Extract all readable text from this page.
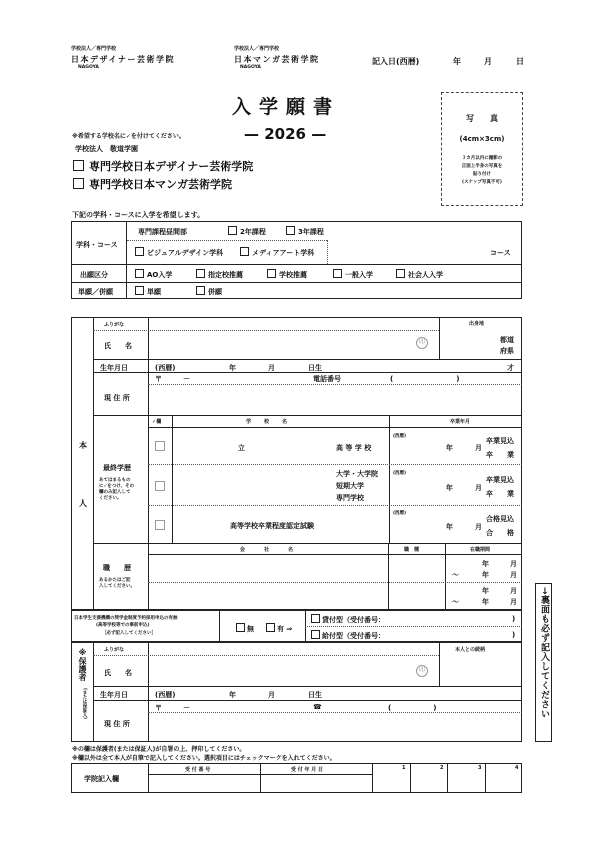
学校法人／専門学校
日本デザイナー芸術学院
NAGOYA
学校法人／専門学校
日本マンガ芸術学院
NAGOYA
記入日(西暦)	年	月	日
入学願書
— 2026 —
写　　真
(4cm×3cm)
３カ月以内に撮影の
正面上半身の写真を
貼り付け
(スナップ写真不可)
※希望する学校名に✓を付けてください。
学校法人　敬道学園
専門学校日本デザイナー芸術学院
専門学校日本マンガ芸術学院
下記の学科・コースに入学を希望します。
学科・コース
専門課程昼間部	2年課程	3年課程
ビジュアルデザイン学科	メディアアート学科	コース
出願区分	AO入学	指定校推薦	学校推薦	一般入学	社会人入学
単願／併願	単願	併願
本
人
ふりがな
氏　　名	印
出身地
都道
府県
生年月日	(西暦)	年	月	日生	才
〒　　　－	電話番号	(　　　　　　　　　)
現 住 所
✓欄	学　　校　　名	卒業年月
最終学歴
あてはまるもの
に✓をつけ、その
欄のみ記入して
ください。
立	高 等 学 校
(西暦)
年	月
卒業見込
卒　　業
大学・大学院
短期大学
専門学校
(西暦)
年	月
卒業見込
卒　　業
高等学校卒業程度認定試験
(西暦)
年	月
合格見込
合　　格
会　　　社　　　名	職　種	在職期間
職　　歴
あるかたはご記
入してください。
年	月
～	年	月
年	月
～	年	月
日本学生支援機構の奨学金制度予約採用申込の有無
(高等学校等での事前申込)
［必ず記入してください］
無	有 ⇒
貸付型（受付番号：	)
給付型（受付番号：	)	→裏面も必ず記入してください
※保護者
(または保証人)
ふりがな	本人との続柄
氏　　名	印
生年月日	(西暦)	年	月	日生
〒　　　－	☎	(　　　　　　)
現 住 所
※の欄は保護者(または保証人)が自署の上、押印してください。
※欄以外は全て本人が自筆で記入してください。選択項目にはチェックマークを入れてください。
学院記入欄
受 付 番 号	受 付 年 月 日	1	2	3	4
